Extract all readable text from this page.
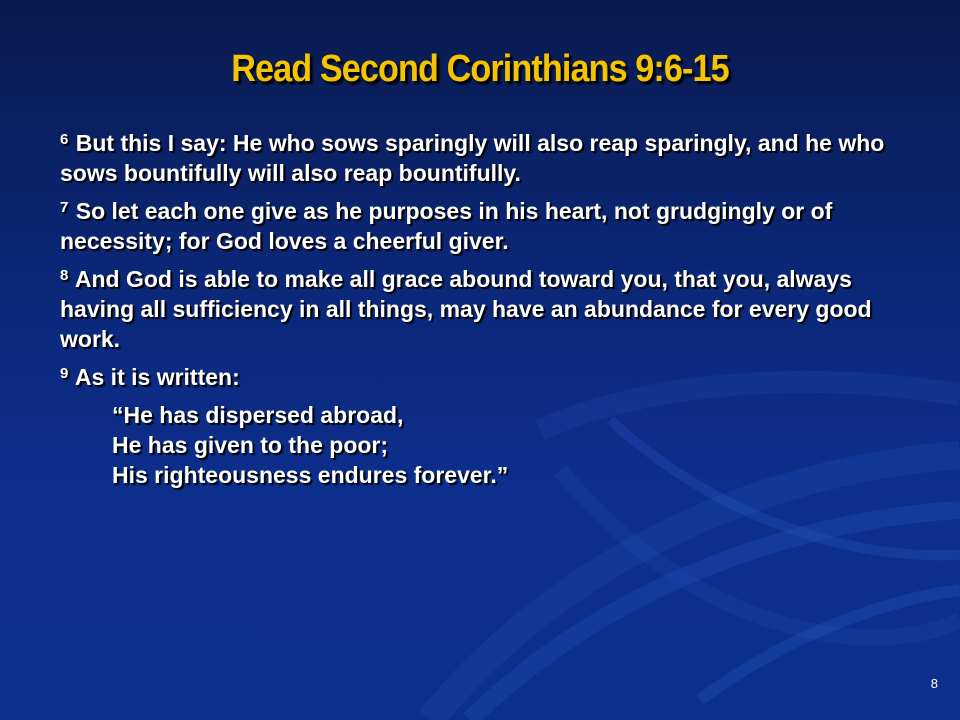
Read Second Corinthians 9:6-15
$^6$ But this I say: He who sows sparingly will also reap sparingly, and he who sows bountifully will also reap bountifully.
$^7$ So let each one give as he purposes in his heart, not grudgingly or of necessity; for God loves a cheerful giver.
$^8$ And God is able to make all grace abound toward you, that you, always having all sufficiency in all things, may have an abundance for every good work.
$^9$ As it is written:
“He has dispersed abroad,
He has given to the poor;
His righteousness endures forever.”
8
